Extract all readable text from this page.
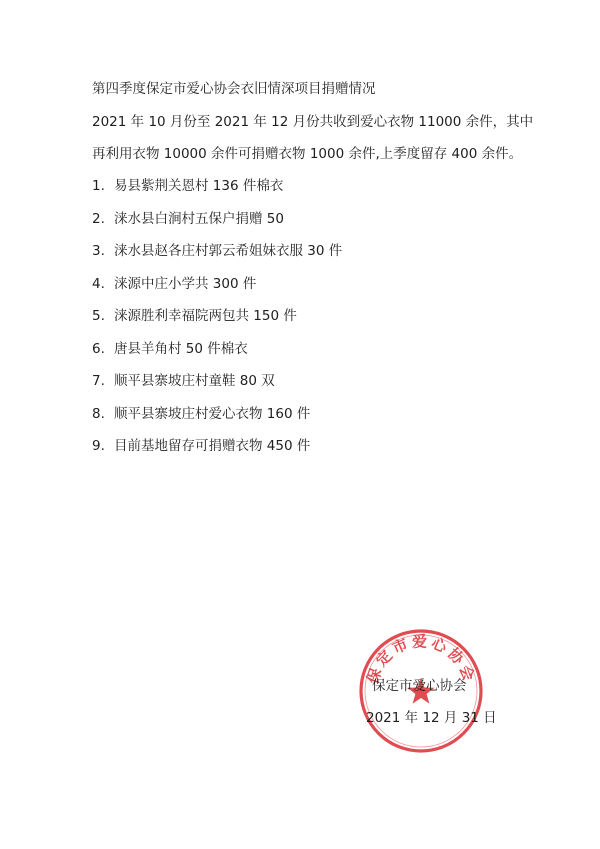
第四季度保定市爱心协会衣旧情深项目捐赠情况
2021 年 10 月份至 2021 年 12 月份共收到爱心衣物 11000 余件，其中
再利用衣物 10000 余件可捐赠衣物 1000 余件,上季度留存 400 余件。
1. 易县紫荆关恩村 136 件棉衣
2. 涞水县白涧村五保户捐赠 50
3. 涞水县赵各庄村郭云希姐妹衣服 30 件
4. 涞源中庄小学共 300 件
5. 涞源胜利幸福院两包共 150 件
6. 唐县羊角村 50 件棉衣
7. 顺平县寨坡庄村童鞋 80 双
8. 顺平县寨坡庄村爱心衣物 160 件
9. 目前基地留存可捐赠衣物 450 件
保定市爱心协会
保定市爱心协会
2021 年 12 月 31 日
